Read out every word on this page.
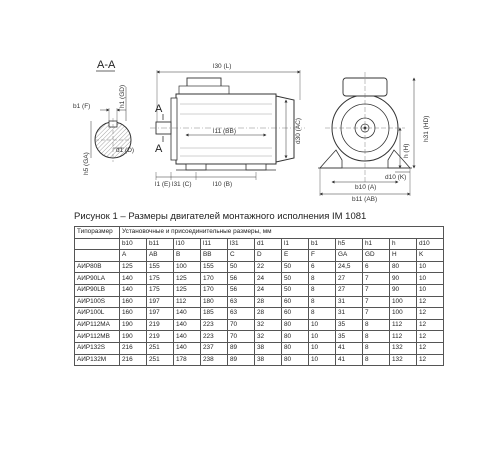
А-А
b1 (F)	h1 (GD)
h5 (GA)
d1 (D)
l30 (L)
A
A
l11 (BB)	d30 (AC)
l1 (E) l31 (C)	l10 (B)
h31 (HD)
h (H)
d10 (K)
b10 (A)
b11 (AB)
Рисунок 1 – Размеры двигателей монтажного исполнения IM 1081
Типоразмер	Установочные и присоединительные размеры, мм											
	b10	b11	l10	l11	l31	d1	l1	b1	h5	h1	h	d10
	A	AB	B	BB	C	D	E	F	GA	GD	H	K
АИР80В	125	155	100	155	50	22	50	6	24,5	6	80	10
АИР90LA	140	175	125	170	56	24	50	8	27	7	90	10
АИР90LB	140	175	125	170	56	24	50	8	27	7	90	10
АИР100S	160	197	112	180	63	28	60	8	31	7	100	12
АИР100L	160	197	140	185	63	28	60	8	31	7	100	12
АИР112МА	190	219	140	223	70	32	80	10	35	8	112	12
АИР112МВ	190	219	140	223	70	32	80	10	35	8	112	12
АИР132S	216	251	140	237	89	38	80	10	41	8	132	12
АИР132М	216	251	178	238	89	38	80	10	41	8	132	12
